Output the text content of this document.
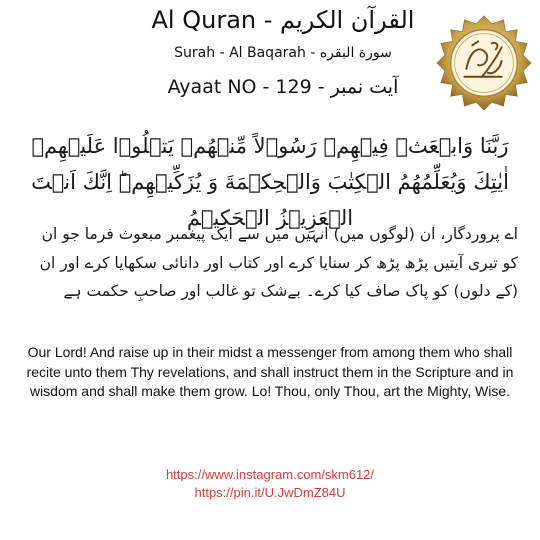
Al Quran - القرآن الكريم
Surah - Al Baqarah - سورة البقره
Ayaat NO - 129 - آیت نمبر
رَبَّنَا وَابۡعَثۡ فِيۡهِمۡ رَسُوۡلاً مِّنۡهُمۡ يَتۡلُوۡا عَلَيۡهِمۡ اٰيٰتِكَ وَيُعَلِّمُهُمُ الۡكِتٰبَ وَالۡحِكۡمَةَ وَ يُزَكِّيۡهِمۡ‌ؕ اِنَّكَ اَنۡتَ الۡعَزِيۡزُ الۡحَكِيۡمُ
اے پروردگار، ان (لوگوں میں) انہیں میں سے ایک پیغمبر مبعوث فرما جو ان کو تیری آیتیں پڑھ پڑھ کر سنایا کرے اور کتاب اور دانائی سکھایا کرے اور ان (کے دلوں) کو پاک صاف کیا کرے۔ بےشک تو غالب اور صاحبِ حکمت ہے
Our Lord! And raise up in their midst a messenger from among them who shall recite unto them Thy revelations, and shall instruct them in the Scripture and in wisdom and shall make them grow. Lo! Thou, only Thou, art the Mighty, Wise.
https://www.instagram.com/skm612/
https://pin.it/U.JwDmZ84U
